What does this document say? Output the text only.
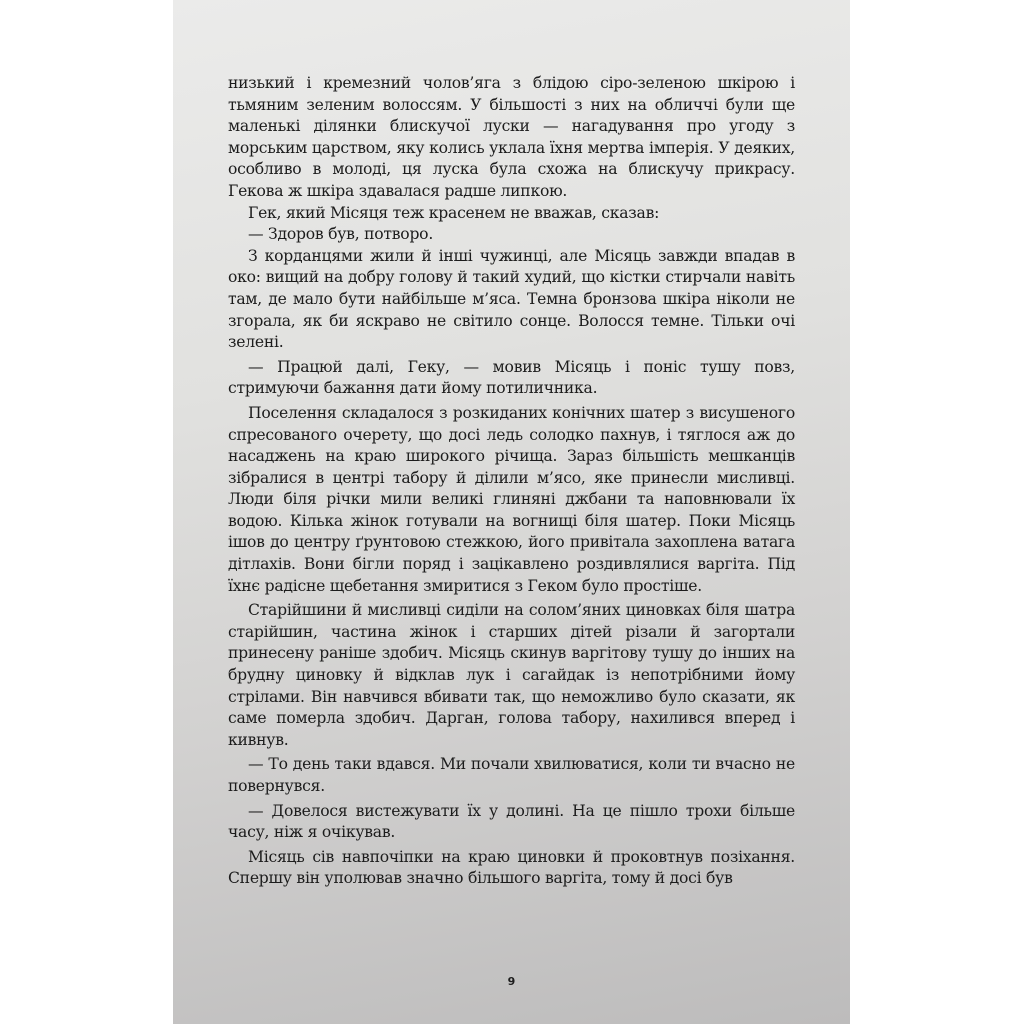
низький і кремезний чолов’яга з блідою сіро-зеленою шкірою і тьмяним зеленим волоссям. У більшості з них на обличчі були ще маленькі ділянки блискучої луски — нагадування про угоду з морським царством, яку колись уклала їхня мертва імперія. У деяких, особливо в молоді, ця луска була схожа на блискучу прикрасу. Гекова ж шкіра здавалася радше липкою.

Гек, який Місяця теж красенем не вважав, сказав:

— Здоров був, потворо.

З корданцями жили й інші чужинці, але Місяць завжди впадав в око: вищий на добру голову й такий худий, що кістки стирчали навіть там, де мало бути найбільше м’яса. Темна бронзова шкіра ніколи не згорала, як би яскраво не світило сонце. Волосся темне. Тільки очі зелені.

— Працюй далі, Геку, — мовив Місяць і поніс тушу повз, стримуючи бажання дати йому потиличника.

Поселення складалося з розкиданих конічних шатер з висушеного спресованого очерету, що досі ледь солодко пахнув, і тяглося аж до насаджень на краю широкого річища. Зараз більшість мешканців зібралися в центрі табору й ділили м’ясо, яке принесли мисливці. Люди біля річки мили великі глиняні джбани та наповнювали їх водою. Кілька жінок готували на вогнищі біля шатер. Поки Місяць ішов до центру ґрунтовою стежкою, його привітала захоплена ватага дітлахів. Вони бігли поряд і зацікавлено роздивлялися варгіта. Під їхнє радісне щебетання змиритися з Геком було простіше.

Старійшини й мисливці сиділи на солом’яних циновках біля шатра старійшин, частина жінок і старших дітей різали й загортали принесену раніше здобич. Місяць скинув варгітову тушу до інших на брудну циновку й відклав лук і сагайдак із непотрібними йому стрілами. Він навчився вбивати так, що неможливо було сказати, як саме померла здобич. Дарган, голова табору, нахилився вперед і кивнув.

— То день таки вдався. Ми почали хвилюватися, коли ти вчасно не повернувся.

— Довелося вистежувати їх у долині. На це пішло трохи більше часу, ніж я очікував.

Місяць сів навпочіпки на краю циновки й проковтнув позіхання. Спершу він уполював значно більшого варгіта, тому й досі був

9
